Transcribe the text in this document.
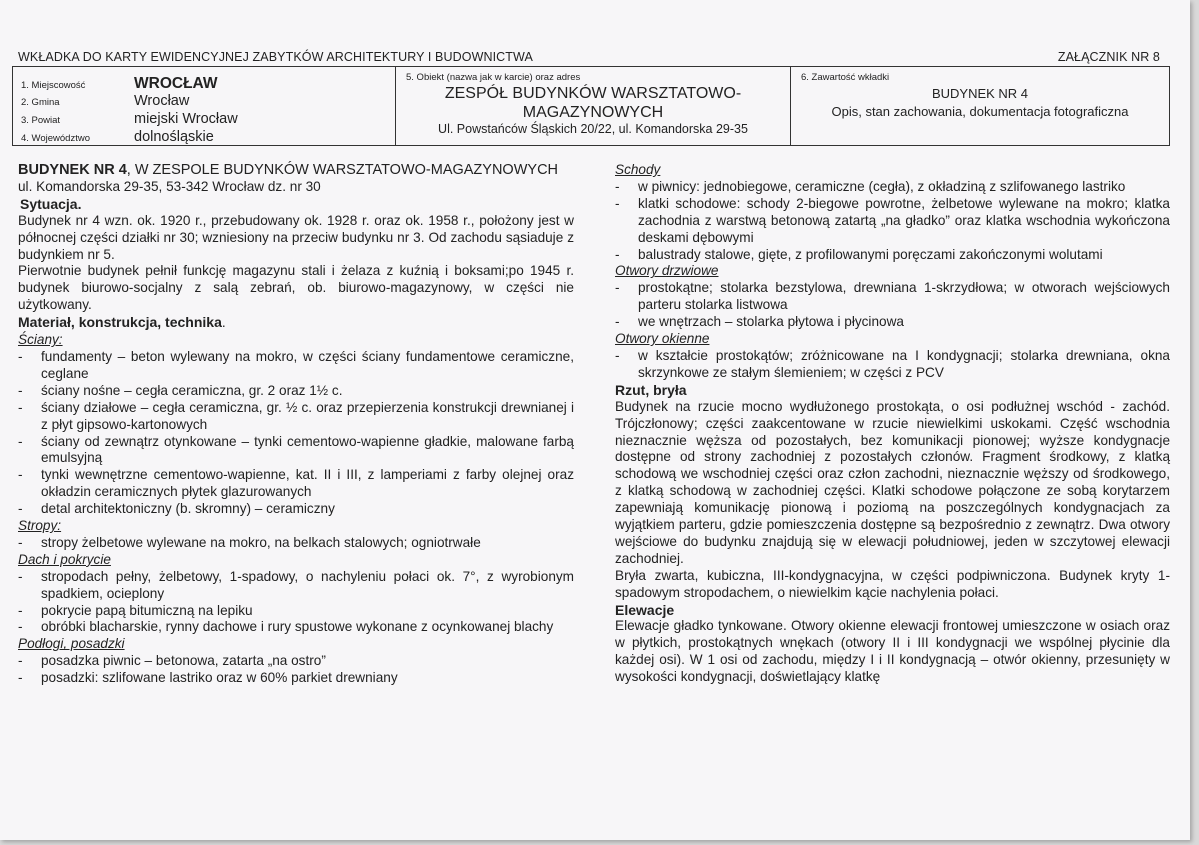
WKŁADKA DO KARTY EWIDENCYJNEJ ZABYTKÓW ARCHITEKTURY I BUDOWNICTWA	ZAŁĄCZNIK NR 8
1. Miejscowość	WROCŁAW
2. Gmina	Wrocław
3. Powiat	miejski Wrocław
4. Województwo	dolnośląskie
5. Obiekt (nazwa jak w karcie) oraz adres
ZESPÓŁ BUDYNKÓW WARSZTATOWO-
MAGAZYNOWYCH
Ul. Powstańców Śląskich 20/22, ul. Komandorska 29-35
6. Zawartość wkładki
BUDYNEK NR 4
Opis, stan zachowania, dokumentacja fotograficzna

BUDYNEK NR 4, W ZESPOLE BUDYNKÓW WARSZTATOWO-MAGAZYNOWYCH

ul. Komandorska 29-35, 53-342 Wrocław dz. nr 30

Sytuacja.

Budynek nr 4 wzn. ok. 1920 r., przebudowany ok. 1928 r. oraz ok. 1958 r., położony jest w północnej części działki nr 30; wzniesiony na przeciw budynku nr 3. Od zachodu sąsiaduje z budynkiem nr 5.

Pierwotnie budynek pełnił funkcję magazynu stali i żelaza z kuźnią i boksami;po 1945 r. budynek biurowo-socjalny z salą zebrań, ob. biurowo-magazynowy, w części nie użytkowany.

Materiał, konstrukcja, technika.

Ściany:

- fundamenty – beton wylewany na mokro, w części ściany fundamentowe ceramiczne, ceglane
- ściany nośne – cegła ceramiczna, gr. 2 oraz 1½ c.
- ściany działowe – cegła ceramiczna, gr. ½ c. oraz przepierzenia konstrukcji drewnianej i z płyt gipsowo-kartonowych
- ściany od zewnątrz otynkowane – tynki cementowo-wapienne gładkie, malowane farbą emulsyjną
- tynki wewnętrzne cementowo-wapienne, kat. II i III, z lamperiami z farby olejnej oraz okładzin ceramicznych płytek glazurowanych
- detal architektoniczny (b. skromny) – ceramiczny

Stropy:

- stropy żelbetowe wylewane na mokro, na belkach stalowych; ogniotrwałe

Dach i pokrycie

- stropodach pełny, żelbetowy, 1-spadowy, o nachyleniu połaci ok. 7°, z wyrobionym spadkiem, ocieplony
- pokrycie papą bitumiczną na lepiku
- obróbki blacharskie, rynny dachowe i rury spustowe wykonane z ocynkowanej blachy

Podłogi, posadzki

- posadzka piwnic – betonowa, zatarta „na ostro”
- posadzki: szlifowane lastriko oraz w 60% parkiet drewniany

Schody

- w piwnicy: jednobiegowe, ceramiczne (cegła), z okładziną z szlifowanego lastriko
- klatki schodowe: schody 2-biegowe powrotne, żelbetowe wylewane na mokro; klatka zachodnia z warstwą betonową zatartą „na gładko” oraz klatka wschodnia wykończona deskami dębowymi
- balustrady stalowe, gięte, z profilowanymi poręczami zakończonymi wolutami

Otwory drzwiowe

- prostokątne; stolarka bezstylowa, drewniana 1-skrzydłowa; w otworach wejściowych parteru stolarka listwowa
- we wnętrzach – stolarka płytowa i płycinowa

Otwory okienne

- w kształcie prostokątów; zróżnicowane na I kondygnacji; stolarka drewniana, okna skrzynkowe ze stałym ślemieniem; w części z PCV

Rzut, bryła

Budynek na rzucie mocno wydłużonego prostokąta, o osi podłużnej wschód - zachód. Trójczłonowy; części zaakcentowane w rzucie niewielkimi uskokami. Część wschodnia nieznacznie węższa od pozostałych, bez komunikacji pionowej; wyższe kondygnacje dostępne od strony zachodniej z pozostałych członów. Fragment środkowy, z klatką schodową we wschodniej części oraz człon zachodni, nieznacznie węższy od środkowego, z klatką schodową w zachodniej części. Klatki schodowe połączone ze sobą korytarzem zapewniają komunikację pionową i poziomą na poszczególnych kondygnacjach za wyjątkiem parteru, gdzie pomieszczenia dostępne są bezpośrednio z zewnątrz. Dwa otwory wejściowe do budynku znajdują się w elewacji południowej, jeden w szczytowej elewacji zachodniej.

Bryła zwarta, kubiczna, III-kondygnacyjna, w części podpiwniczona. Budynek kryty 1-spadowym stropodachem, o niewielkim kącie nachylenia połaci.

Elewacje

Elewacje gładko tynkowane. Otwory okienne elewacji frontowej umieszczone w osiach oraz w płytkich, prostokątnych wnękach (otwory II i III kondygnacji we wspólnej płycinie dla każdej osi). W 1 osi od zachodu, między I i II kondygnacją – otwór okienny, przesunięty w wysokości kondygnacji, doświetlający klatkę
